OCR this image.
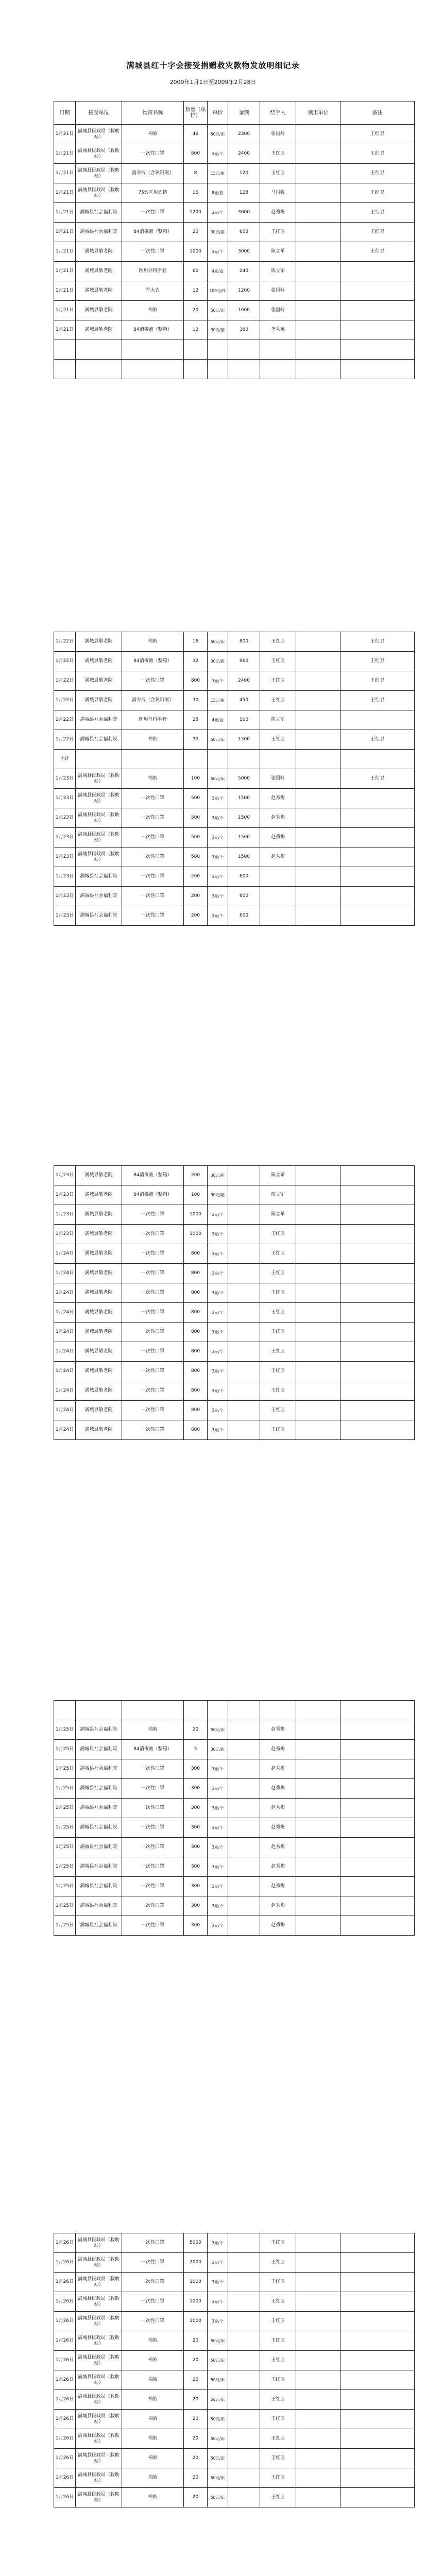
满城县红十字会接受捐赠救灾款物发放明细记录
2009年1月1日至2009年2月28日
日期	接受单位	物资名称	数量（单位）	单价	金额	经手人	领用单位	备注
1月21日	满城县民政局（救助站）	棉被	46	50元/床	2300	张国岭		王红卫
1月21日	满城县民政局（救助站）	一次性口罩	800	3元/个	2400	王红卫		王红卫
1月21日	满城县民政局（救助站）	消毒液（含氯制剂）	8	15元/瓶	120	王红卫		王红卫
1月21日	满城县民政局（救助站）	75%医用酒精	16	8元/瓶	128	马国强		王红卫
1月21日	满城县社会福利院	一次性口罩	1200	3元/个	3600	赵秀梅		王红卫
1月21日	满城县社会福利院	84消毒液（整箱）	20	30元/箱	600	王红卫		王红卫
1月21日	满城县敬老院	一次性口罩	1000	3元/个	3000	陈立军		王红卫
1月21日	满城县敬老院	医用外科手套	60	4元/盒	240	陈立军		
1月21日	满城县敬老院	军大衣	12	100元/件	1200	张国岭		
1月21日	满城县敬老院	棉被	20	50元/床	1000	张国岭		
1月21日	满城县敬老院	84消毒液（整箱）	12	30元/箱	360	李秀英		

1月22日	满城县敬老院	棉被	16	50元/床	800	王红卫		王红卫
1月22日	满城县敬老院	84消毒液（整箱）	32	30元/箱	960	王红卫		王红卫
1月22日	满城县敬老院	一次性口罩	800	3元/个	2400	王红卫		王红卫
1月22日	满城县敬老院	消毒液（含氯制剂）	30	15元/瓶	450	王红卫		王红卫
1月22日	满城县社会福利院	医用外科手套	25	4元/盒	100	陈立军		
1月22日	满城县社会福利院	棉被	30	50元/床	1500	王红卫		王红卫
小计								
1月23日	满城县民政局（救助站）	棉被	100	50元/床	5000	张国岭		王红卫
1月23日	满城县民政局（救助站）	一次性口罩	500	3元/个	1500	赵秀梅		
1月23日	满城县民政局（救助站）	一次性口罩	500	3元/个	1500	赵秀梅		
1月23日	满城县民政局（救助站）	一次性口罩	500	3元/个	1500	赵秀梅		
1月23日	满城县民政局（救助站）	一次性口罩	500	3元/个	1500	赵秀梅		
1月23日	满城县社会福利院	一次性口罩	200	3元/个	600			
1月23日	满城县社会福利院	一次性口罩	200	3元/个	600			
1月23日	满城县社会福利院	一次性口罩	200	3元/个	600			
1月23日	满城县敬老院	84消毒液（整箱）	200	30元/箱		陈立军		
1月23日	满城县敬老院	84消毒液（整箱）	100	30元/箱		陈立军		
1月23日	满城县敬老院	一次性口罩	1000	3元/个		陈立军		
1月23日	满城县敬老院	一次性口罩	1000	3元/个		王红卫		
1月24日	满城县敬老院	一次性口罩	800	3元/个		王红卫		
1月24日	满城县敬老院	一次性口罩	800	3元/个		王红卫		
1月24日	满城县敬老院	一次性口罩	800	3元/个		王红卫		
1月24日	满城县敬老院	一次性口罩	800	3元/个		王红卫		
1月24日	满城县敬老院	一次性口罩	800	3元/个		王红卫		
1月24日	满城县敬老院	一次性口罩	800	3元/个		王红卫		
1月24日	满城县敬老院	一次性口罩	800	3元/个		王红卫		
1月24日	满城县敬老院	一次性口罩	800	3元/个		王红卫		
1月24日	满城县敬老院	一次性口罩	800	3元/个		王红卫		
1月24日	满城县敬老院	一次性口罩	800	3元/个		王红卫		

1月25日	满城县社会福利院	棉被	20	50元/床		赵秀梅		
1月25日	满城县社会福利院	84消毒液（整箱）	5	30元/箱		赵秀梅		
1月25日	满城县社会福利院	一次性口罩	300	3元/个		赵秀梅		
1月25日	满城县社会福利院	一次性口罩	300	3元/个		赵秀梅		
1月25日	满城县社会福利院	一次性口罩	300	3元/个		赵秀梅		
1月25日	满城县社会福利院	一次性口罩	300	3元/个		赵秀梅		
1月25日	满城县社会福利院	一次性口罩	300	3元/个		赵秀梅		
1月25日	满城县社会福利院	一次性口罩	300	3元/个		赵秀梅		
1月25日	满城县社会福利院	一次性口罩	300	3元/个		赵秀梅		
1月25日	满城县社会福利院	一次性口罩	300	3元/个		赵秀梅		
1月25日	满城县社会福利院	一次性口罩	300	3元/个		赵秀梅		
1月26日	满城县民政局（救助站）	一次性口罩	5000	3元/个		王红卫		
1月26日	满城县民政局（救助站）	一次性口罩	2000	3元/个		王红卫		
1月26日	满城县民政局（救助站）	一次性口罩	1000	3元/个		王红卫		
1月26日	满城县民政局（救助站）	一次性口罩	1000	3元/个		王红卫		
1月26日	满城县民政局（救助站）	一次性口罩	1000	3元/个		王红卫		
1月26日	满城县民政局（救助站）	棉被	20	50元/床		王红卫		
1月26日	满城县民政局（救助站）	棉被	20	50元/床		王红卫		
1月26日	满城县民政局（救助站）	棉被	20	50元/床		王红卫		
1月26日	满城县民政局（救助站）	棉被	20	50元/床		王红卫		
1月26日	满城县民政局（救助站）	棉被	20	50元/床		王红卫		
1月26日	满城县民政局（救助站）	棉被	20	50元/床		王红卫		
1月26日	满城县民政局（救助站）	棉被	20	50元/床		王红卫		
1月26日	满城县民政局（救助站）	棉被	20	50元/床		王红卫		
1月26日	满城县民政局（救助站）	棉被	20	50元/床		王红卫		
